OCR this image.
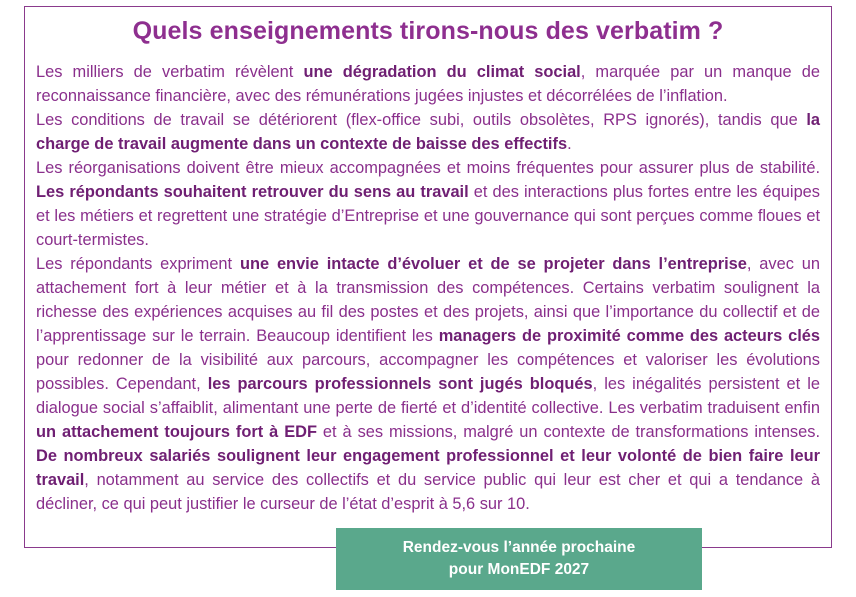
Quels enseignements tirons-nous des verbatim ?

Les milliers de verbatim révèlent une dégradation du climat social, marquée par un manque de reconnaissance financière, avec des rémunérations jugées injustes et décorrélées de l’inflation.

Les conditions de travail se détériorent (flex-office subi, outils obsolètes, RPS ignorés), tandis que la charge de travail augmente dans un contexte de baisse des effectifs.

Les réorganisations doivent être mieux accompagnées et moins fréquentes pour assurer plus de stabilité. Les répondants souhaitent retrouver du sens au travail et des interactions plus fortes entre les équipes et les métiers et regrettent une stratégie d’Entreprise et une gouvernance qui sont perçues comme floues et court-termistes.

Les répondants expriment une envie intacte d’évoluer et de se projeter dans l’entreprise, avec un attachement fort à leur métier et à la transmission des compétences. Certains verbatim soulignent la richesse des expériences acquises au fil des postes et des projets, ainsi que l’importance du collectif et de l’apprentissage sur le terrain. Beaucoup identifient les managers de proximité comme des acteurs clés pour redonner de la visibilité aux parcours, accompagner les compétences et valoriser les évolutions possibles. Cependant, les parcours professionnels sont jugés bloqués, les inégalités persistent et le dialogue social s’affaiblit, alimentant une perte de fierté et d’identité collective. Les verbatim traduisent enfin un attachement toujours fort à EDF et à ses missions, malgré un contexte de transformations intenses. De nombreux salariés soulignent leur engagement professionnel et leur volonté de bien faire leur travail, notamment au service des collectifs et du service public qui leur est cher et qui a tendance à décliner, ce qui peut justifier le curseur de l’état d’esprit à 5,6 sur 10.

Rendez-vous l’année prochaine
pour MonEDF 2027
